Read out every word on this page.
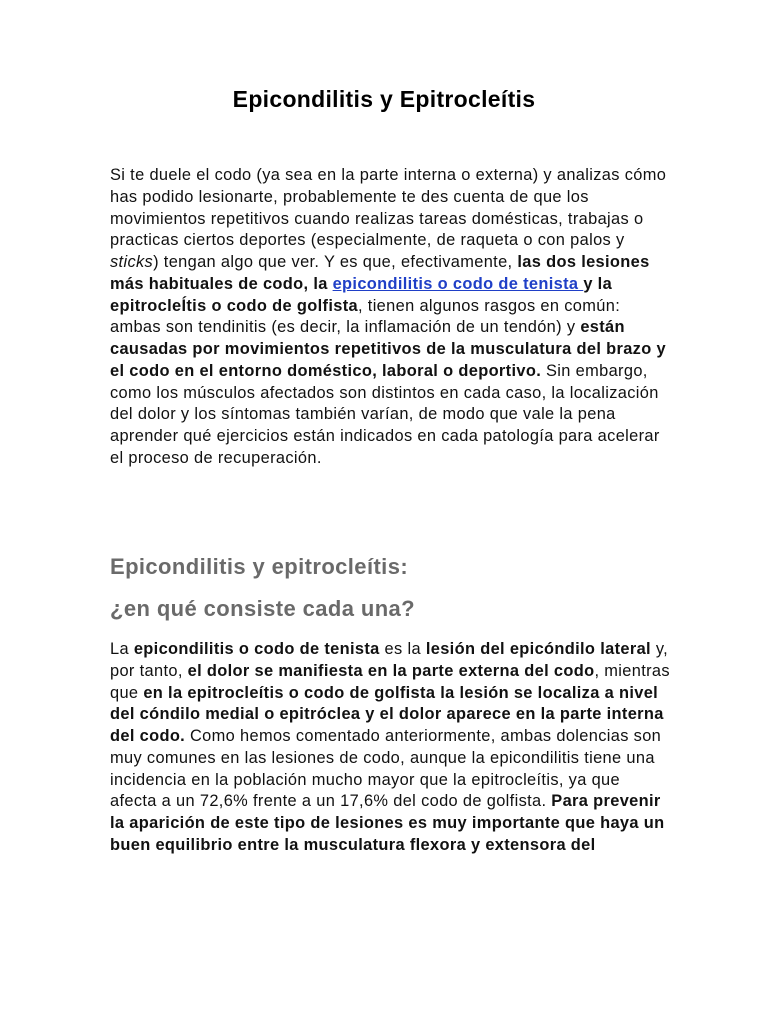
Epicondilitis y Epitrocleítis

Si te duele el codo (ya sea en la parte interna o externa) y analizas cómo has podido lesionarte, probablemente te des cuenta de que los movimientos repetitivos cuando realizas tareas domésticas, trabajas o practicas ciertos deportes (especialmente, de raqueta o con palos y sticks) tengan algo que ver. Y es que, efectivamente, las dos lesiones más habituales de codo, la epicondilitis o codo de tenista y la epitrocleÍtis o codo de golfista, tienen algunos rasgos en común: ambas son tendinitis (es decir, la inflamación de un tendón) y están causadas por movimientos repetitivos de la musculatura del brazo y el codo en el entorno doméstico, laboral o deportivo. Sin embargo, como los músculos afectados son distintos en cada caso, la localización del dolor y los síntomas también varían, de modo que vale la pena aprender qué ejercicios están indicados en cada patología para acelerar el proceso de recuperación.

Epicondilitis y epitrocleítis:
¿en qué consiste cada una?

La epicondilitis o codo de tenista es la lesión del epicóndilo lateral y, por tanto, el dolor se manifiesta en la parte externa del codo, mientras que en la epitrocleítis o codo de golfista la lesión se localiza a nivel del cóndilo medial o epitróclea y el dolor aparece en la parte interna del codo. Como hemos comentado anteriormente, ambas dolencias son muy comunes en las lesiones de codo, aunque la epicondilitis tiene una incidencia en la población mucho mayor que la epitrocleítis, ya que afecta a un 72,6% frente a un 17,6% del codo de golfista. Para prevenir la aparición de este tipo de lesiones es muy importante que haya un buen equilibrio entre la musculatura flexora y extensora del
